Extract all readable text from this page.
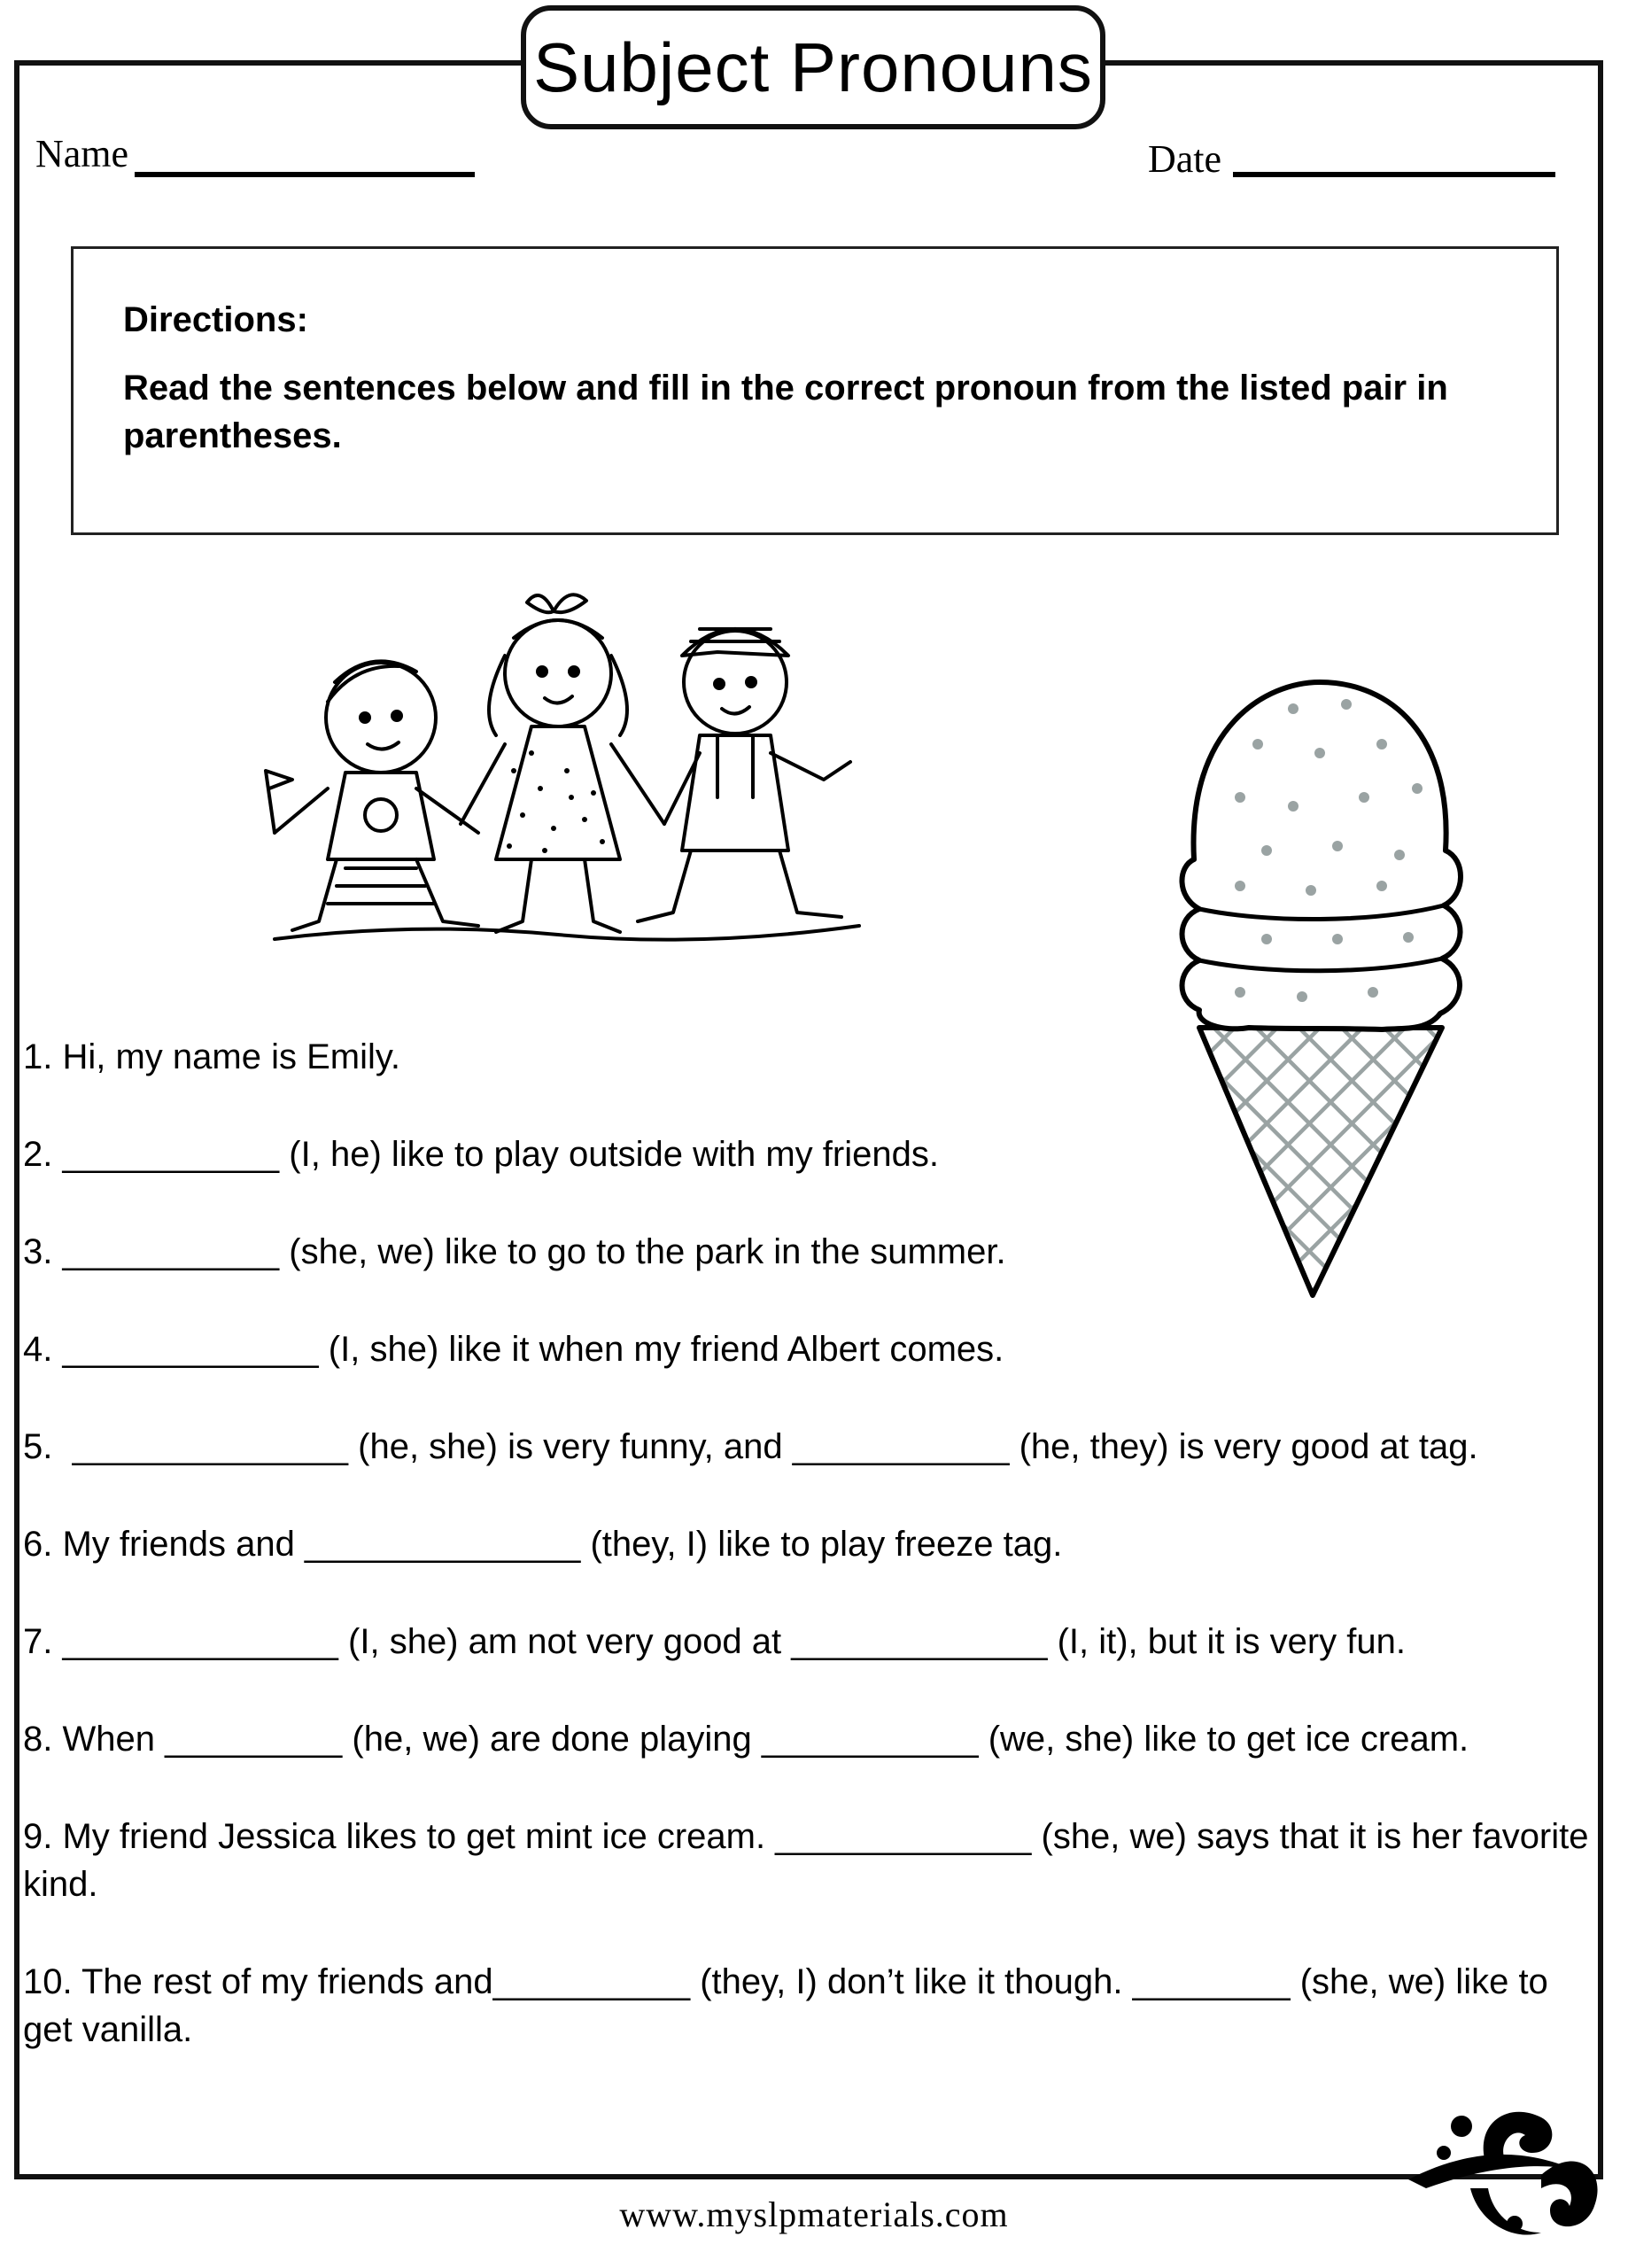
Subject Pronouns
Name	Date
Directions:
Read the sentences below and fill in the correct pronoun from the listed pair in parentheses.
1. Hi, my name is Emily.
2. ___________ (I, he) like to play outside with my friends.
3. ___________ (she, we) like to go to the park in the summer.
4. _____________ (I, she) like it when my friend Albert comes.
5.  ______________ (he, she) is very funny, and ___________ (he, they) is very good at tag.
6. My friends and ______________ (they, I) like to play freeze tag.
7. ______________ (I, she) am not very good at _____________ (I, it), but it is very fun.
8. When _________ (he, we) are done playing ___________ (we, she) like to get ice cream.
9. My friend Jessica likes to get mint ice cream. _____________ (she, we) says that it is her favorite kind.
10. The rest of my friends and__________ (they, I) don’t like it though. ________ (she, we) like to get vanilla.
www.myslpmaterials.com
